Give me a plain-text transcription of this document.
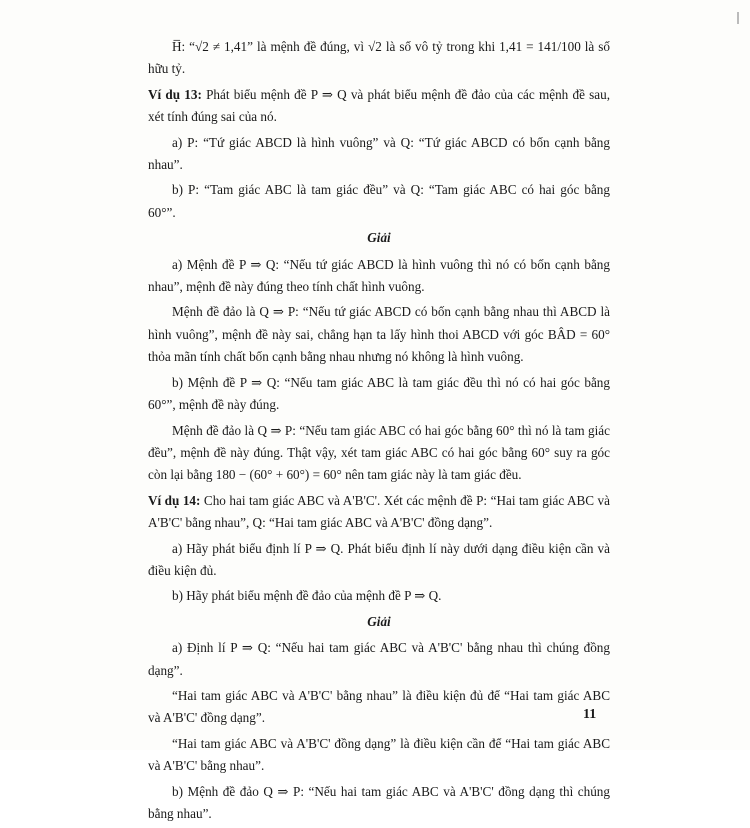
H̅: “√2 ≠ 1,41” là mệnh đề đúng, vì √2 là số vô tỷ trong khi 1,41 = 141/100 là số hữu tỷ.

Ví dụ 13: Phát biểu mệnh đề P ⇒ Q và phát biểu mệnh đề đảo của các mệnh đề sau, xét tính đúng sai của nó.

a) P: “Tứ giác ABCD là hình vuông” và Q: “Tứ giác ABCD có bốn cạnh bằng nhau”.

b) P: “Tam giác ABC là tam giác đều” và Q: “Tam giác ABC có hai góc bằng 60°”.

Giải

a) Mệnh đề P ⇒ Q: “Nếu tứ giác ABCD là hình vuông thì nó có bốn cạnh bằng nhau”, mệnh đề này đúng theo tính chất hình vuông.

Mệnh đề đảo là Q ⇒ P: “Nếu tứ giác ABCD có bốn cạnh bằng nhau thì ABCD là hình vuông”, mệnh đề này sai, chẳng hạn ta lấy hình thoi ABCD với góc BÂD = 60° thỏa mãn tính chất bốn cạnh bằng nhau nhưng nó không là hình vuông.

b) Mệnh đề P ⇒ Q: “Nếu tam giác ABC là tam giác đều thì nó có hai góc bằng 60°”, mệnh đề này đúng.

Mệnh đề đảo là Q ⇒ P: “Nếu tam giác ABC có hai góc bằng 60° thì nó là tam giác đều”, mệnh đề này đúng. Thật vậy, xét tam giác ABC có hai góc bằng 60° suy ra góc còn lại bằng 180 − (60° + 60°) = 60° nên tam giác này là tam giác đều.

Ví dụ 14: Cho hai tam giác ABC và A'B'C'. Xét các mệnh đề P: “Hai tam giác ABC và A'B'C' bằng nhau”, Q: “Hai tam giác ABC và A'B'C' đồng dạng”.

a) Hãy phát biểu định lí P ⇒ Q. Phát biểu định lí này dưới dạng điều kiện cần và điều kiện đủ.

b) Hãy phát biểu mệnh đề đảo của mệnh đề P ⇒ Q.

Giải

a) Định lí P ⇒ Q: “Nếu hai tam giác ABC và A'B'C' bằng nhau thì chúng đồng dạng”.

“Hai tam giác ABC và A'B'C' bằng nhau” là điều kiện đủ để “Hai tam giác ABC và A'B'C' đồng dạng”.

“Hai tam giác ABC và A'B'C' đồng dạng” là điều kiện cần để “Hai tam giác ABC và A'B'C' bằng nhau”.

b) Mệnh đề đảo Q ⇒ P: “Nếu hai tam giác ABC và A'B'C' đồng dạng thì chúng bằng nhau”.

11
